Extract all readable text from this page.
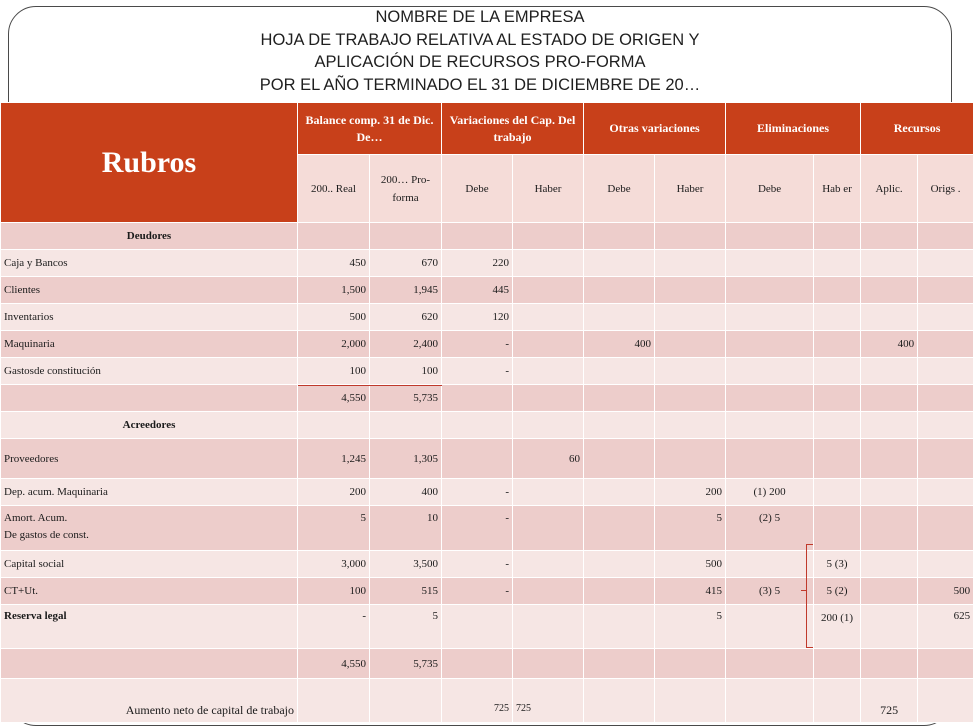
NOMBRE DE LA EMPRESA
HOJA DE TRABAJO RELATIVA AL ESTADO DE ORIGEN Y
APLICACIÓN DE RECURSOS PRO-FORMA
POR EL AÑO TERMINADO EL 31 DE DICIEMBRE DE 20…
Rubros	Balance comp. 31 de Dic. De…		Variaciones del Cap. Del trabajo		Otras variaciones		Eliminaciones		Recursos	
	200.. Real	200… Pro-forma	Debe	Haber	Debe	Haber	Debe	Hab er	Aplic.	Origs .
Deudores										
Caja y Bancos	450	670	220							
Clientes	1,500	1,945	445							
Inventarios	500	620	120							
Maquinaria	2,000	2,400	-		400				400	
Gastosde constitución	100	100	-							
	4,550	5,735								
Acreedores										
Proveedores	1,245	1,305		60						
Dep. acum. Maquinaria	200	400	-			200	(1) 200			

Amort. Acum.
De gastos de const.	5	10	-			5	(2) 5			
Capital social	3,000	3,500	-			500		5 (3)		
CT+Ut.	100	515	-			415	(3) 5	5 (2)		500
Reserva legal	-	5				5		200 (1)		625
	4,550	5,735								
Aumento neto de capital de trabajo			725	725					725	
